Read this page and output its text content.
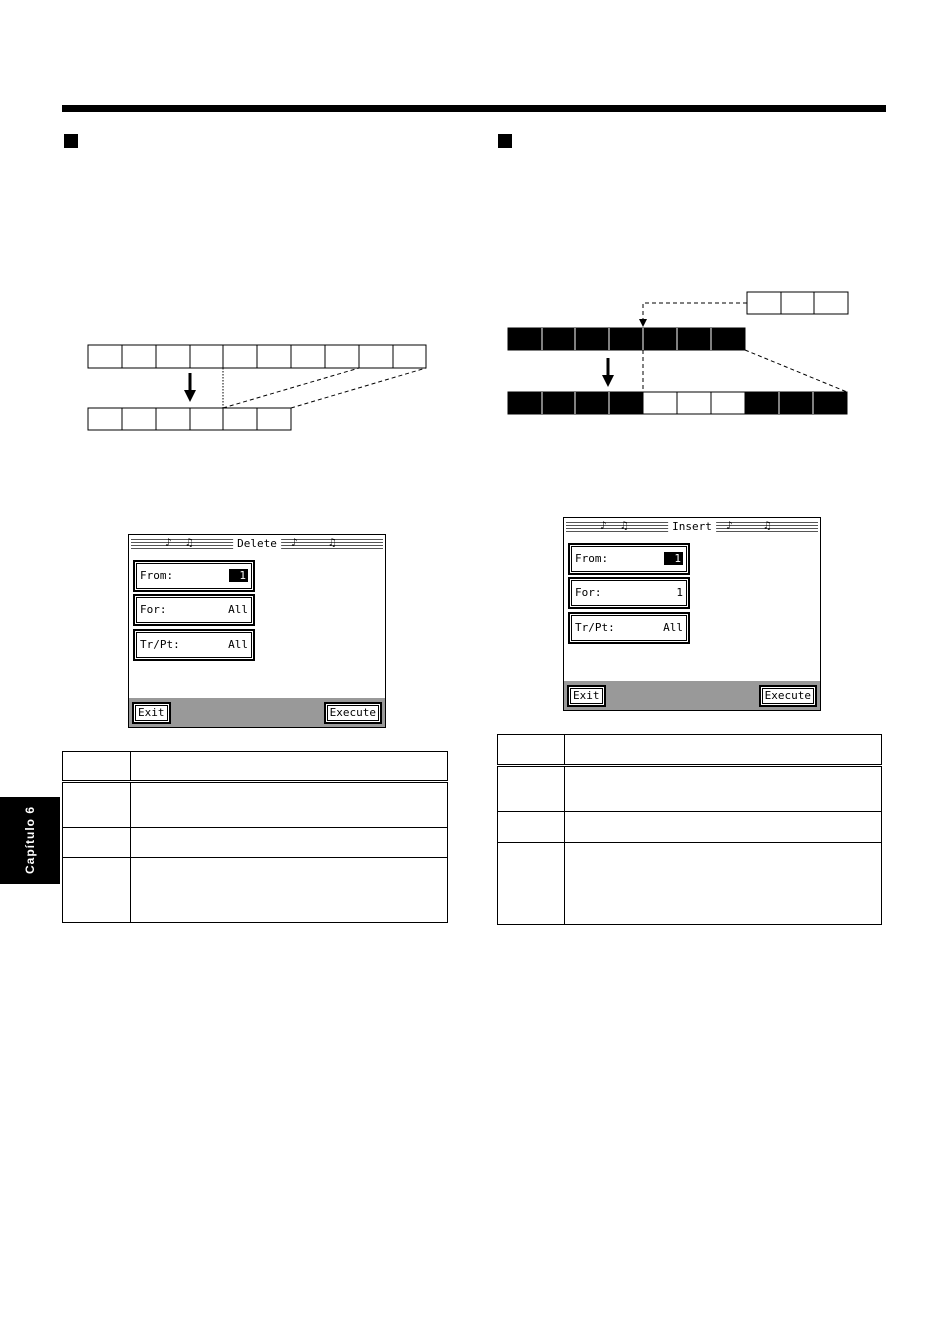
Capítulo 6
♪ ♫	♪	♫
Delete
From:	1
For:	All
Tr/Pt:	All
Exit	Execute
♪ ♫	♪	♫
Insert
From:	1
For:	1
Tr/Pt:	All
Exit	Execute
